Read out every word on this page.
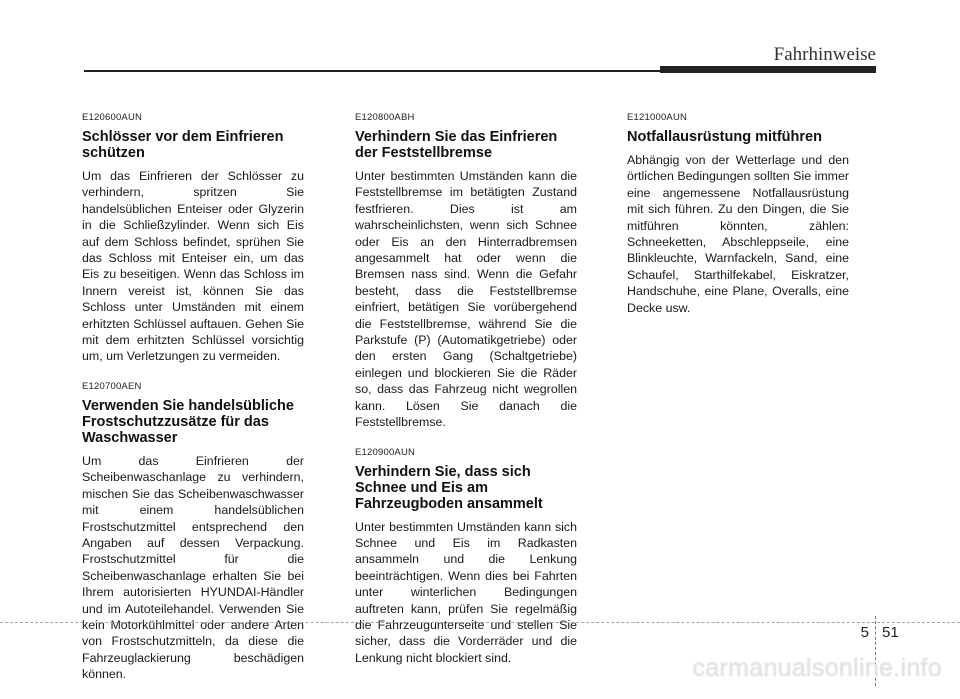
Fahrhinweise
E120600AUN
Schlösser vor dem Einfrieren schützen

Um das Einfrieren der Schlösser zu verhindern, spritzen Sie handelsüblichen Enteiser oder Glyzerin in die Schließzylinder. Wenn sich Eis auf dem Schloss befindet, sprühen Sie das Schloss mit Enteiser ein, um das Eis zu beseitigen. Wenn das Schloss im Innern vereist ist, können Sie das Schloss unter Umständen mit einem erhitzten Schlüssel auftauen. Gehen Sie mit dem erhitzten Schlüssel vorsichtig um, um Verletzungen zu vermeiden.

E120700AEN
Verwenden Sie handelsübliche Frostschutzzusätze für das Waschwasser

Um das Einfrieren der Scheibenwaschanlage zu verhindern, mischen Sie das Scheibenwaschwasser mit einem handelsüblichen Frostschutzmittel entsprechend den Angaben auf dessen Verpackung. Frostschutzmittel für die Scheibenwaschanlage erhalten Sie bei Ihrem autorisierten HYUNDAI-Händler und im Autoteilehandel. Verwenden Sie kein Motorkühlmittel oder andere Arten von Frostschutzmitteln, da diese die Fahrzeuglackierung beschädigen können.

E120800ABH
Verhindern Sie das Einfrieren der Feststellbremse

Unter bestimmten Umständen kann die Feststellbremse im betätigten Zustand festfrieren. Dies ist am wahrscheinlichsten, wenn sich Schnee oder Eis an den Hinterradbremsen angesammelt hat oder wenn die Bremsen nass sind. Wenn die Gefahr besteht, dass die Feststellbremse einfriert, betätigen Sie vorübergehend die Feststellbremse, während Sie die Parkstufe (P) (Automatikgetriebe) oder den ersten Gang (Schaltgetriebe) einlegen und blockieren Sie die Räder so, dass das Fahrzeug nicht wegrollen kann. Lösen Sie danach die Feststellbremse.

E120900AUN
Verhindern Sie, dass sich Schnee und Eis am Fahrzeugboden ansammelt

Unter bestimmten Umständen kann sich Schnee und Eis im Radkasten ansammeln und die Lenkung beeinträchtigen. Wenn dies bei Fahrten unter winterlichen Bedingungen auftreten kann, prüfen Sie regelmäßig die Fahrzeugunterseite und stellen Sie sicher, dass die Vorderräder und die Lenkung nicht blockiert sind.

E121000AUN
Notfallausrüstung mitführen

Abhängig von der Wetterlage und den örtlichen Bedingungen sollten Sie immer eine angemessene Notfallausrüstung mit sich führen. Zu den Dingen, die Sie mitführen könnten, zählen: Schneeketten, Abschleppseile, eine Blinkleuchte, Warnfackeln, Sand, eine Schaufel, Starthilfekabel, Eiskratzer, Handschuhe, eine Plane, Overalls, eine Decke usw.

5 51
carmanualsonline.info
